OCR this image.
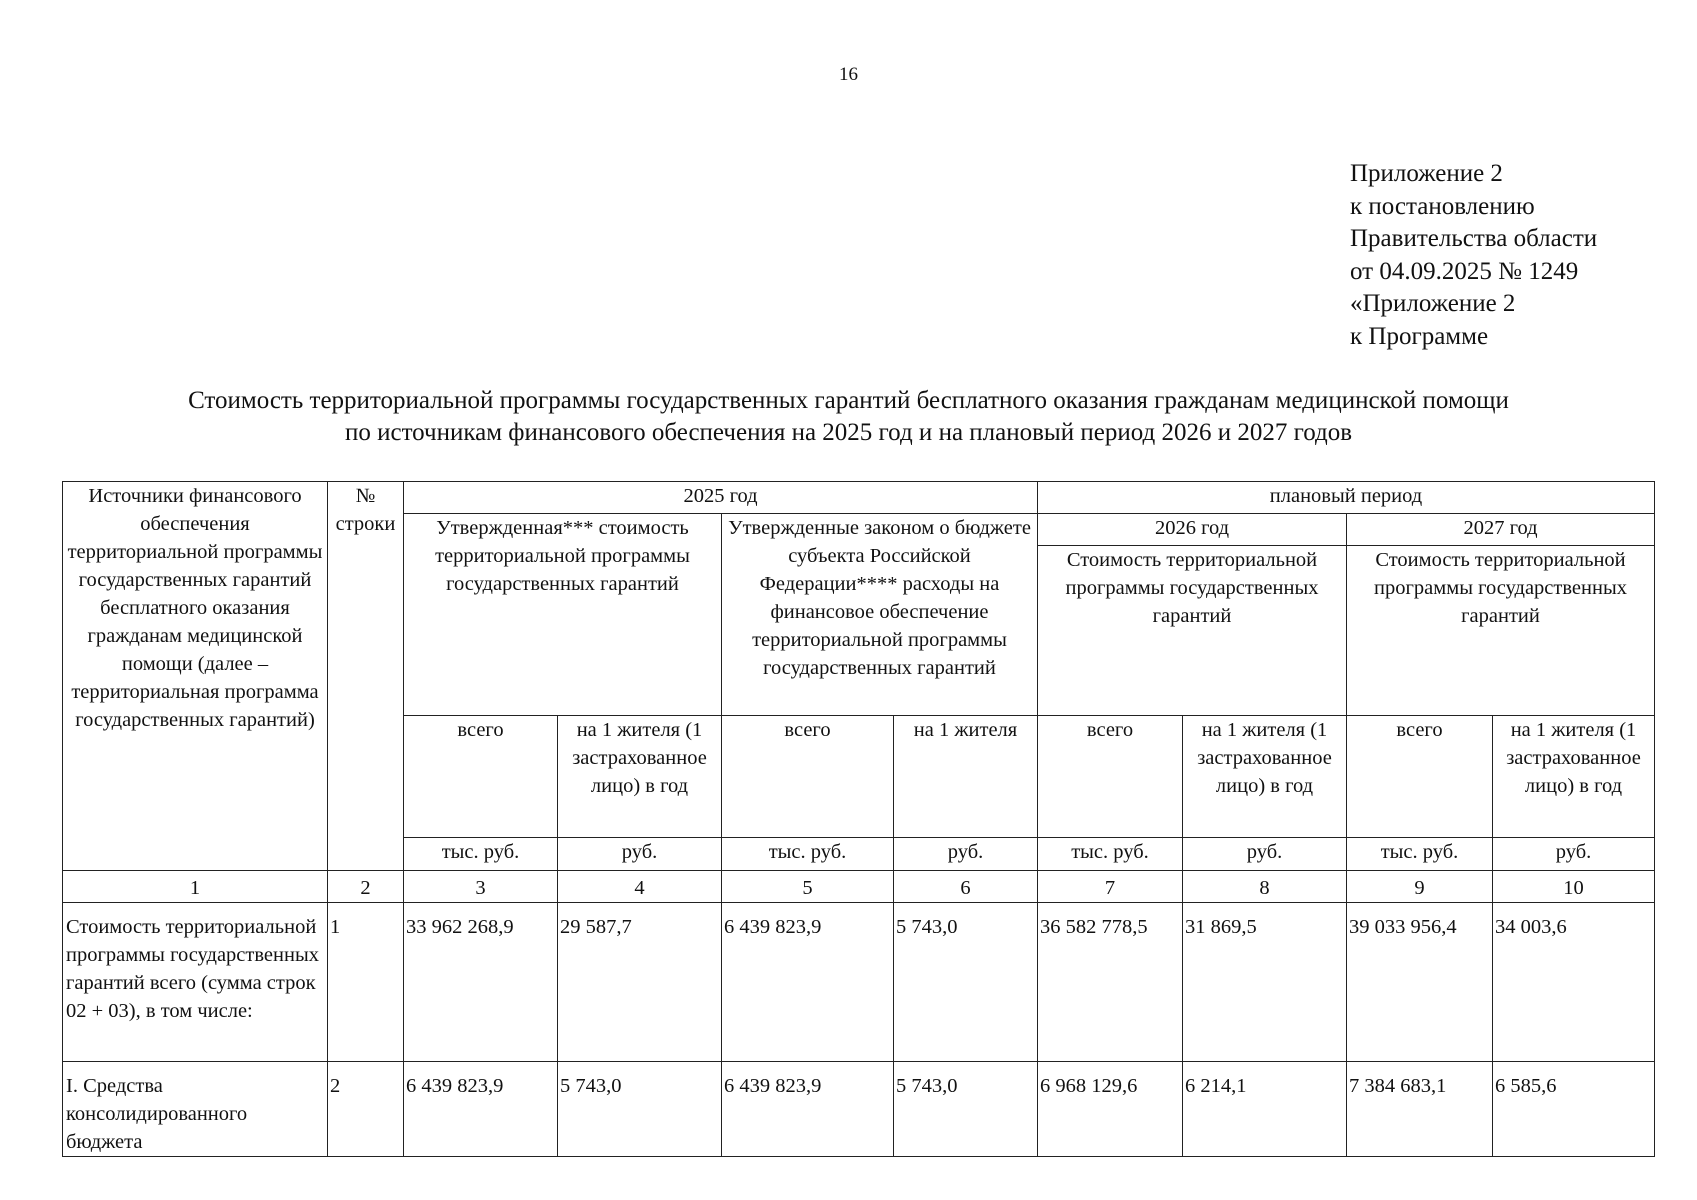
16
Приложение 2
к постановлению
Правительства области
от 04.09.2025 № 1249
«Приложение 2
к Программе
Стоимость территориальной программы государственных гарантий бесплатного оказания гражданам медицинской помощи
по источникам финансового обеспечения на 2025 год и на плановый период 2026 и 2027 годов
Источники финансового обеспечения территориальной программы государственных гарантий бесплатного оказания гражданам медицинской помощи (далее – территориальная программа государственных гарантий)	№ строки	2025 год				плановый период			
		Утвержденная*** стоимость территориальной программы государственных гарантий		Утвержденные законом о бюджете субъекта Российской Федерации**** расходы на финансовое обеспечение территориальной программы государственных гарантий		2026 год		2027 год	
						Стоимость территориальной программы государственных гарантий		Стоимость территориальной программы государственных гарантий	
		всего	на 1 жителя (1 застрахованное лицо) в год	всего	на 1 жителя	всего	на 1 жителя (1 застрахованное лицо) в год	всего	на 1 жителя (1 застрахованное лицо) в год
		тыс. руб.	руб.	тыс. руб.	руб.	тыс. руб.	руб.	тыс. руб.	руб.
1	2	3	4	5	6	7	8	9	10
Стоимость территориальной программы государственных гарантий всего (сумма строк 02 + 03), в том числе:	1	33 962 268,9	29 587,7	6 439 823,9	5 743,0	36 582 778,5	31 869,5	39 033 956,4	34 003,6
I. Средства консолидированного бюджета	2	6 439 823,9	5 743,0	6 439 823,9	5 743,0	6 968 129,6	6 214,1	7 384 683,1	6 585,6
